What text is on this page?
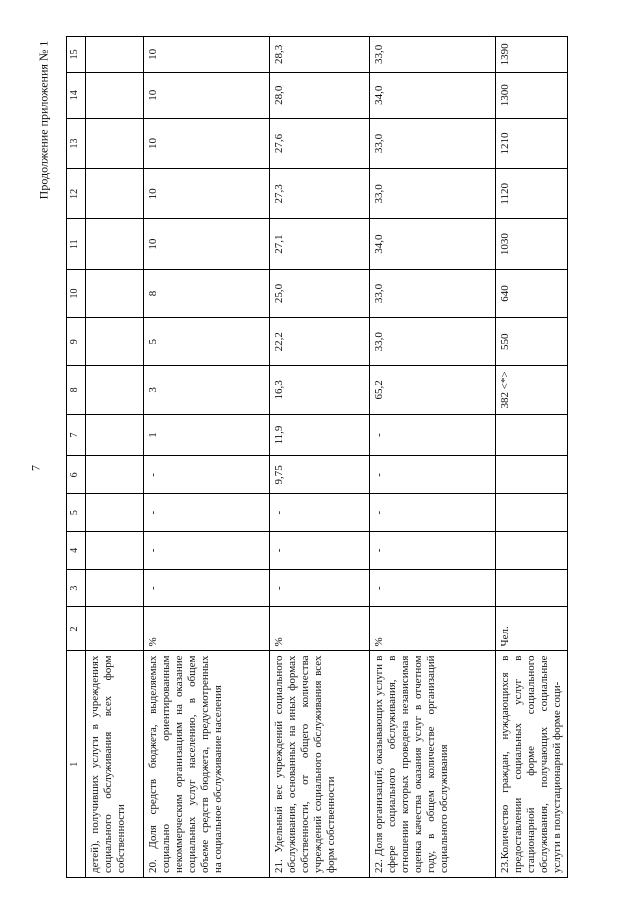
7
Продолжение приложения № 1
1	2	3	4	5	6	7	8	9	10	11	12	13	14	15
детей), получивших услуги в учреждениях социального обслуживания всех форм собственности														
20. Доля средств бюджета, выделяемых социально ориентированным некоммерческим организациям на оказание социальных услуг населению, в общем объеме средств бюджета, предусмотренных на социальное обслуживание населения	%	-	-	-	-	1	3	5	8	10	10	10	10	10
21. Удельный вес учреждений социального обслуживания, основанных на иных формах собственности, от общего количества учреждений социального обслуживания всех форм собственности	%	-	-	-	9,75	11,9	16,3	22,2	25,0	27,1	27,3	27,6	28,0	28,3
22. Доля организаций, оказывающих услуги в сфере социального обслуживания, в отношении которых проведена независимая оценка качества оказания услуг в отчетном году, в общем количестве организаций социального обслуживания	%	-	-	-	-	-	65,2	33,0	33,0	34,0	33,0	33,0	34,0	33,0
23.Количество граждан, нуждающихся в предоставлении социальных услуг в стационарной форме социального обслуживания, получающих социальные услуги в полустационарной форме соци-	Чел.						382 <*>	550	640	1030	1120	1210	1300	1390
